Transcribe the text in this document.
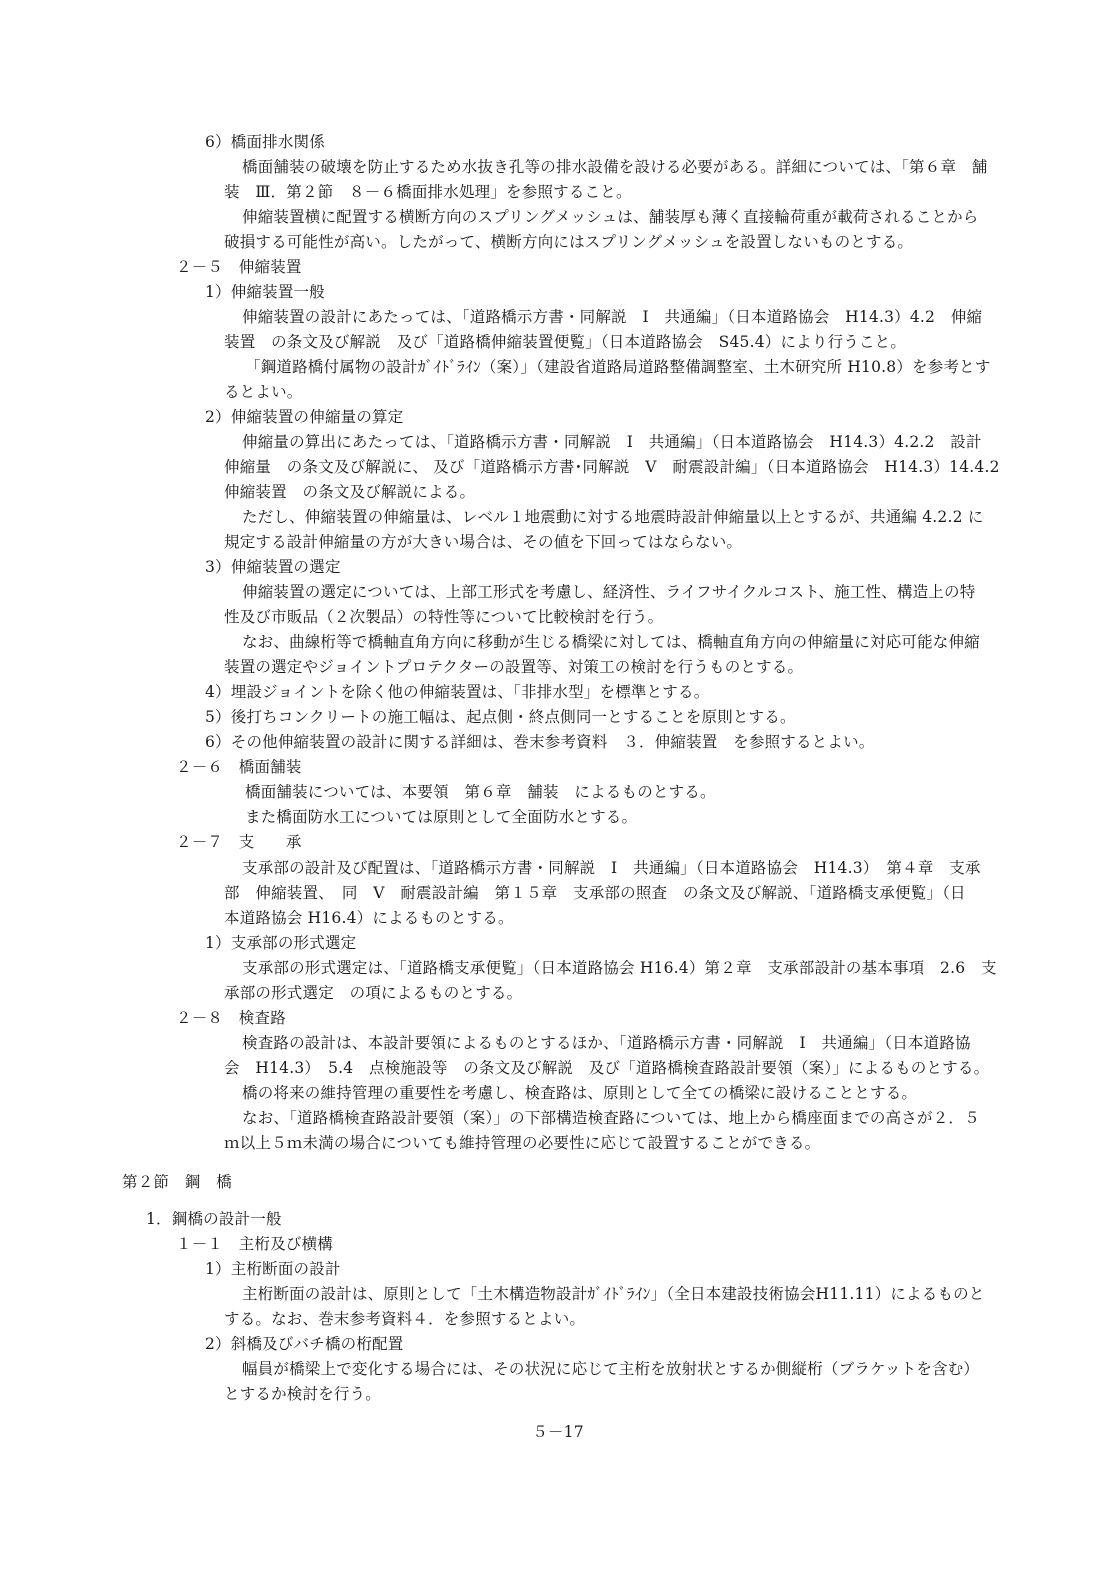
6）橋面排水関係
橋面舗装の破壊を防止するため水抜き孔等の排水設備を設ける必要がある。詳細については、「第６章　舗
装　Ⅲ．第２節　８－６橋面排水処理」を参照すること。
伸縮装置横に配置する横断方向のスプリングメッシュは、舗装厚も薄く直接輪荷重が載荷されることから
破損する可能性が高い。したがって、横断方向にはスプリングメッシュを設置しないものとする。
２－５　伸縮装置
1）伸縮装置一般
伸縮装置の設計にあたっては、「道路橋示方書・同解説　Ⅰ　共通編」（日本道路協会　H14.3）4.2　伸縮
装置　の条文及び解説　及び「道路橋伸縮装置便覧」（日本道路協会　S45.4）により行うこと。
「鋼道路橋付属物の設計ｶﾞｲﾄﾞﾗｲﾝ（案）」（建設省道路局道路整備調整室、土木研究所 H10.8）を参考とす
るとよい。
2）伸縮装置の伸縮量の算定
伸縮量の算出にあたっては、「道路橋示方書・同解説　Ⅰ　共通編」（日本道路協会　H14.3）4.2.2　設計
伸縮量　の条文及び解説に、 及び「道路橋示方書･同解説　Ⅴ　耐震設計編」（日本道路協会　H14.3）14.4.2
伸縮装置　の条文及び解説による。
ただし、伸縮装置の伸縮量は、レベル１地震動に対する地震時設計伸縮量以上とするが、共通編 4.2.2 に
規定する設計伸縮量の方が大きい場合は、その値を下回ってはならない。
3）伸縮装置の選定
伸縮装置の選定については、上部工形式を考慮し、経済性、ライフサイクルコスト、施工性、構造上の特
性及び市販品（２次製品）の特性等について比較検討を行う。
なお、曲線桁等で橋軸直角方向に移動が生じる橋梁に対しては、橋軸直角方向の伸縮量に対応可能な伸縮
装置の選定やジョイントプロテクターの設置等、対策工の検討を行うものとする。
4）埋設ジョイントを除く他の伸縮装置は、「非排水型」を標準とする。
5）後打ちコンクリートの施工幅は、起点側・終点側同一とすることを原則とする。
6）その他伸縮装置の設計に関する詳細は、巻末参考資料　３．伸縮装置　を参照するとよい。
２－６　橋面舗装
橋面舗装については、本要領　第６章　舗装　によるものとする。
また橋面防水工については原則として全面防水とする。
２－７　支　　承
支承部の設計及び配置は、「道路橋示方書・同解説　Ⅰ　共通編」（日本道路協会　H14.3）　第４章　支承
部　伸縮装置、　同　Ⅴ　耐震設計編　第１５章　支承部の照査　の条文及び解説、「道路橋支承便覧」（日
本道路協会 H16.4）によるものとする。
1）支承部の形式選定
支承部の形式選定は、「道路橋支承便覧」（日本道路協会 H16.4）第２章　支承部設計の基本事項　2.6　支
承部の形式選定　の項によるものとする。
２－８　検査路
検査路の設計は、本設計要領によるものとするほか、「道路橋示方書・同解説　Ⅰ　共通編」（日本道路協
会　H14.3）　5.4　点検施設等　の条文及び解説　及び「道路橋検査路設計要領（案）」によるものとする。
橋の将来の維持管理の重要性を考慮し、検査路は、原則として全ての橋梁に設けることとする。
なお、「道路橋検査路設計要領（案）」の下部構造検査路については、地上から橋座面までの高さが２．５
ｍ以上５ｍ未満の場合についても維持管理の必要性に応じて設置することができる。
第２節　鋼　橋
1．鋼橋の設計一般
１－１　主桁及び横構
1）主桁断面の設計
主桁断面の設計は、原則として「土木構造物設計ｶﾞｲﾄﾞﾗｲﾝ」（全日本建設技術協会H11.11）によるものと
する。なお、巻末参考資料４．を参照するとよい。
2）斜橋及びバチ橋の桁配置
幅員が橋梁上で変化する場合には、その状況に応じて主桁を放射状とするか側縦桁（ブラケットを含む）
とするか検討を行う。
５－17
